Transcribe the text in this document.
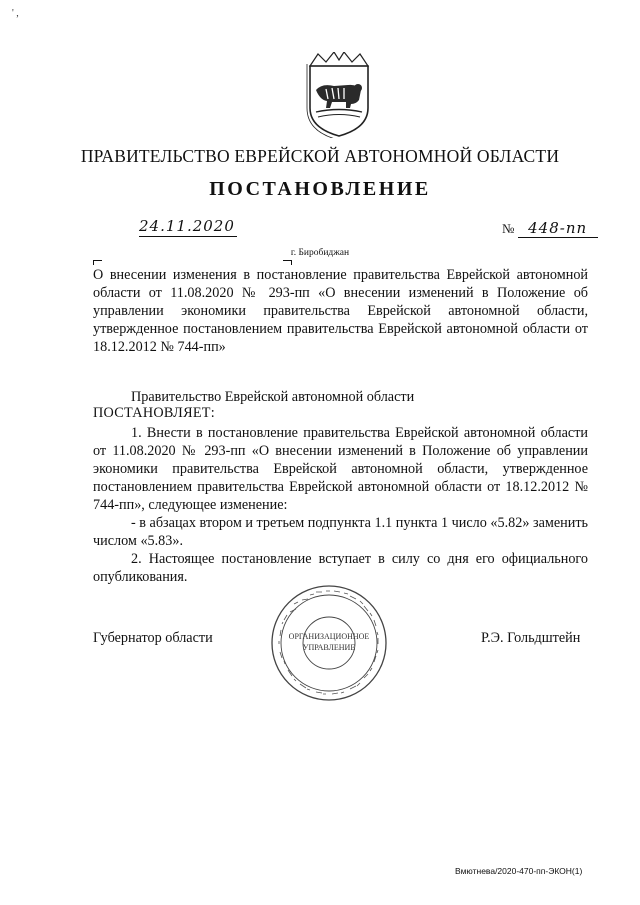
' ,
ПРАВИТЕЛЬСТВО ЕВРЕЙСКОЙ АВТОНОМНОЙ ОБЛАСТИ
ПОСТАНОВЛЕНИЕ
24.11.2020	№ 448-пп
г. Биробиджан
О внесении изменения в постановление правительства Еврейской автономной области от 11.08.2020 № 293-пп «О внесении изменений в Положение об управлении экономики правительства Еврейской автономной области, утвержденное постановлением правительства Еврейской автономной области от 18.12.2012 № 744-пп»
Правительство Еврейской автономной области
ПОСТАНОВЛЯЕТ:

1. Внести в постановление правительства Еврейской автономной области от 11.08.2020 № 293-пп «О внесении изменений в Положение об управлении экономики правительства Еврейской автономной области, утвержденное постановлением правительства Еврейской автономной области от 18.12.2012 № 744-пп», следующее изменение:

- в абзацах втором и третьем подпункта 1.1 пункта 1 число «5.82» заменить числом «5.83».

2. Настоящее постановление вступает в силу со дня его официального опубликования.

Губернатор области	Р.Э. Гольдштейн
ОРГАНИЗАЦИОННОЕ
УПРАВЛЕНИЕ
Вмютнева/2020-470-пп-ЭКОН(1)
